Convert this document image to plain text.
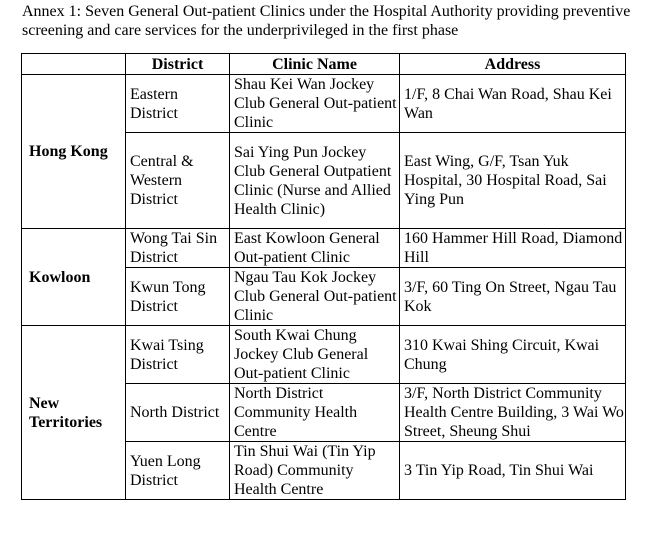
Annex 1: Seven General Out-patient Clinics under the Hospital Authority providing preventive screening and care services for the underprivileged in the first phase

	District	Clinic Name	Address
Hong Kong	Eastern District	Shau Kei Wan Jockey Club General Out-patient Clinic	1/F, 8 Chai Wan Road, Shau Kei Wan
	Central & Western District	Sai Ying Pun Jockey Club General Outpatient Clinic (Nurse and Allied Health Clinic)	East Wing, G/F, Tsan Yuk Hospital, 30 Hospital Road, Sai Ying Pun
Kowloon	Wong Tai Sin District	East Kowloon General Out-patient Clinic	160 Hammer Hill Road, Diamond Hill
	Kwun Tong District	Ngau Tau Kok Jockey Club General Out-patient Clinic	3/F, 60 Ting On Street, Ngau Tau Kok
New Territories	Kwai Tsing District	South Kwai Chung Jockey Club General Out-patient Clinic	310 Kwai Shing Circuit, Kwai Chung
	North District	North District Community Health Centre	3/F, North District Community Health Centre Building, 3 Wai Wo Street, Sheung Shui
	Yuen Long District	Tin Shui Wai (Tin Yip Road) Community Health Centre	3 Tin Yip Road, Tin Shui Wai
